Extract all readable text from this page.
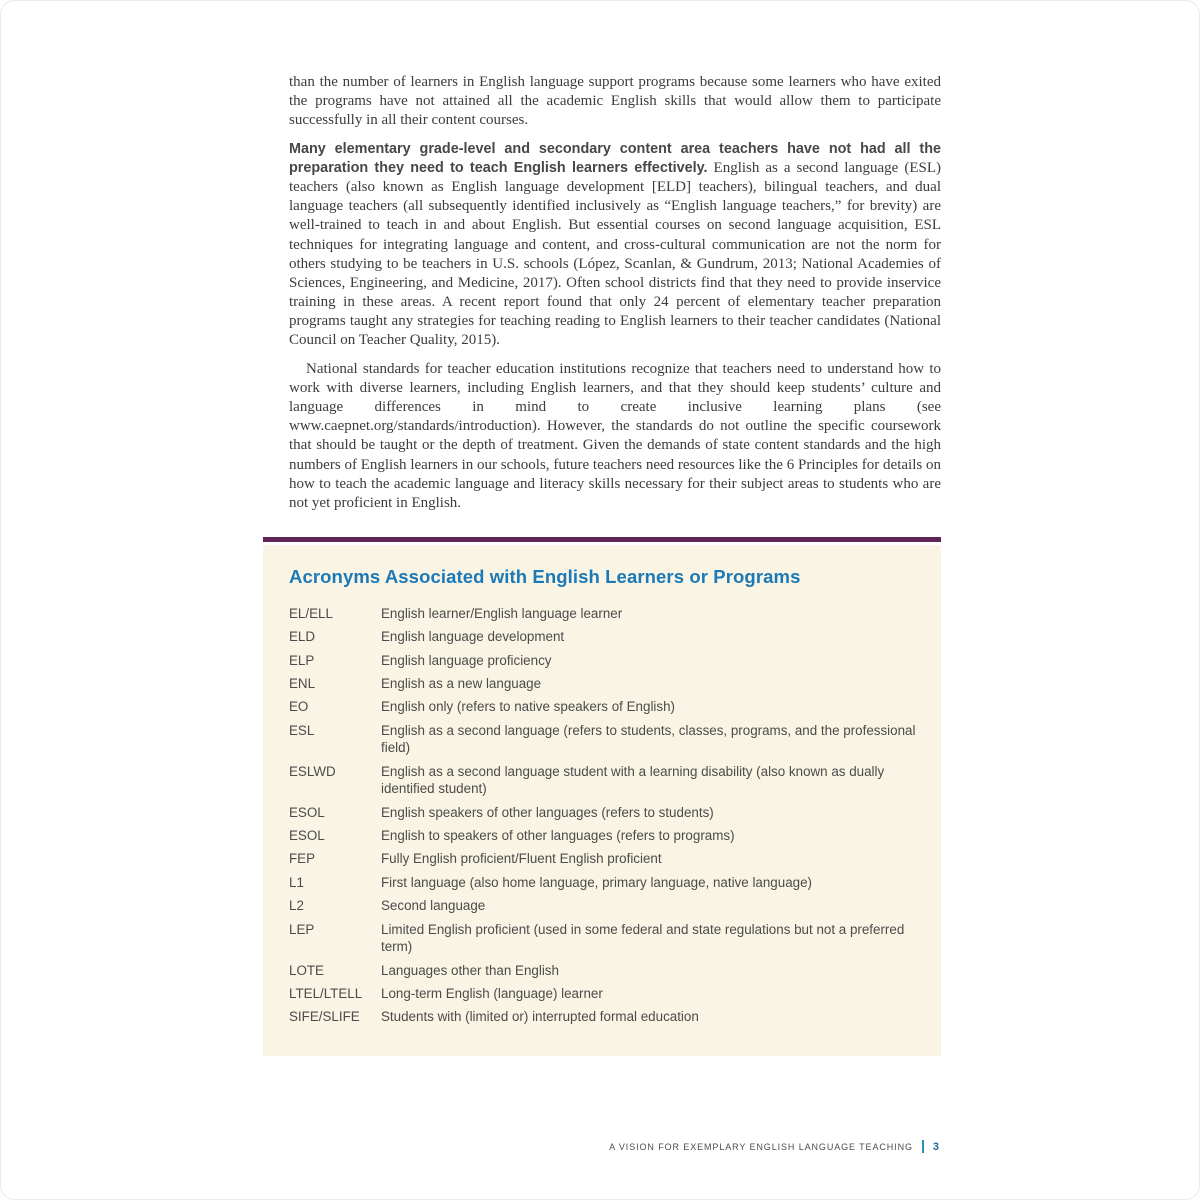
than the number of learners in English language support programs because some learners who have exited the programs have not attained all the academic English skills that would allow them to participate successfully in all their content courses.

Many elementary grade-level and secondary content area teachers have not had all the preparation they need to teach English learners effectively. English as a second language (ESL) teachers (also known as English language development [ELD] teachers), bilingual teachers, and dual language teachers (all subsequently identified inclusively as “English language teachers,” for brevity) are well-trained to teach in and about English. But essential courses on second language acquisition, ESL techniques for integrating language and content, and cross-cultural communication are not the norm for others studying to be teachers in U.S. schools (López, Scanlan, & Gundrum, 2013; National Academies of Sciences, Engineering, and Medicine, 2017). Often school districts find that they need to provide inservice training in these areas. A recent report found that only 24 percent of elementary teacher preparation programs taught any strategies for teaching reading to English learners to their teacher candidates (National Council on Teacher Quality, 2015).

National standards for teacher education institutions recognize that teachers need to understand how to work with diverse learners, including English learners, and that they should keep students’ culture and language differences in mind to create inclusive learning plans (see www.caepnet.org/standards/introduction). However, the standards do not outline the specific coursework that should be taught or the depth of treatment. Given the demands of state content standards and the high numbers of English learners in our schools, future teachers need resources like the 6 Principles for details on how to teach the academic language and literacy skills necessary for their subject areas to students who are not yet proficient in English.

Acronyms Associated with English Learners or Programs
EL/ELL	English learner/English language learner
ELD	English language development
ELP	English language proficiency
ENL	English as a new language
EO	English only (refers to native speakers of English)
ESL	English as a second language (refers to students, classes, programs, and the professional field)
ESLWD	English as a second language student with a learning disability (also known as dually identified student)
ESOL	English speakers of other languages (refers to students)
ESOL	English to speakers of other languages (refers to programs)
FEP	Fully English proficient/Fluent English proficient
L1	First language (also home language, primary language, native language)
L2	Second language
LEP	Limited English proficient (used in some federal and state regulations but not a preferred term)
LOTE	Languages other than English
LTEL/LTELL	Long-term English (language) learner
SIFE/SLIFE	Students with (limited or) interrupted formal education
A VISION FOR EXEMPLARY ENGLISH LANGUAGE TEACHING 3
